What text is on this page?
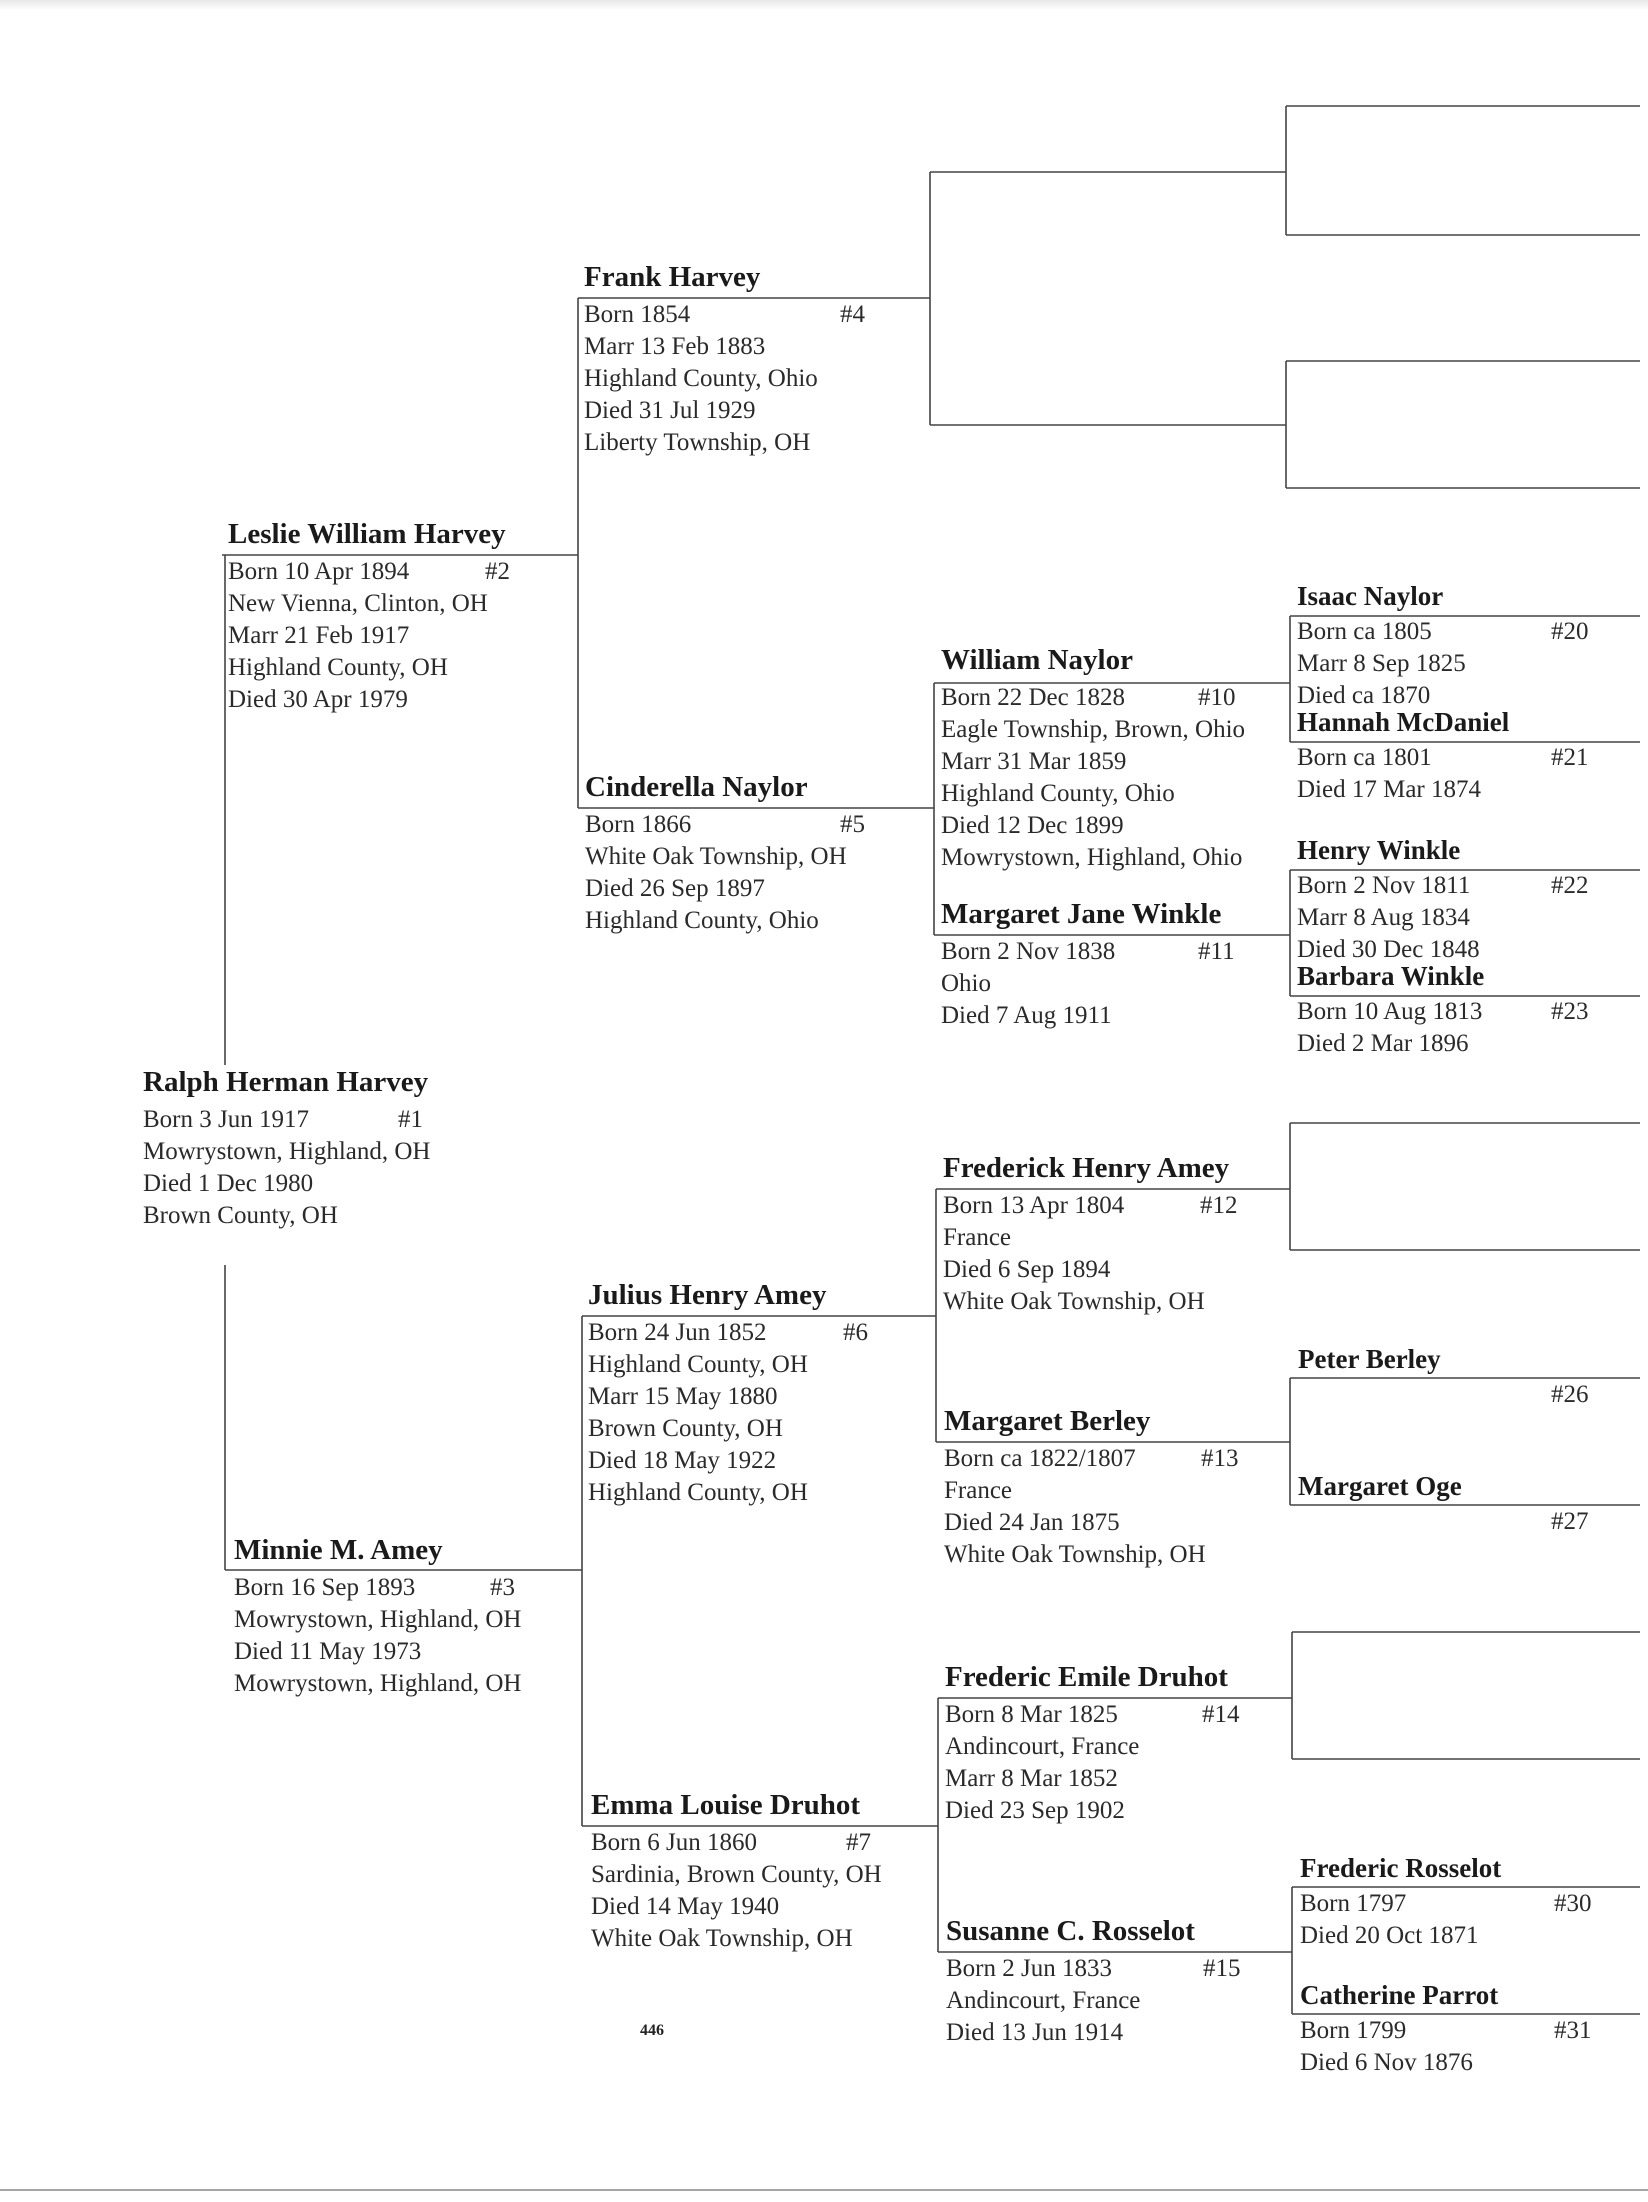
Ralph Herman Harvey
Born 3 Jun 1917	#1
Mowrystown, Highland, OH
Died 1 Dec 1980
Brown County, OH
Leslie William Harvey
Born 10 Apr 1894	#2
New Vienna, Clinton, OH
Marr 21 Feb 1917
Highland County, OH
Died 30 Apr 1979
Minnie M. Amey
Born 16 Sep 1893	#3
Mowrystown, Highland, OH
Died 11 May 1973
Mowrystown, Highland, OH
Frank Harvey
Born 1854	#4
Marr 13 Feb 1883
Highland County, Ohio
Died 31 Jul 1929
Liberty Township, OH
Cinderella Naylor
Born 1866	#5
White Oak Township, OH
Died 26 Sep 1897
Highland County, Ohio
Julius Henry Amey
Born 24 Jun 1852	#6
Highland County, OH
Marr 15 May 1880
Brown County, OH
Died 18 May 1922
Highland County, OH
Emma Louise Druhot
Born 6 Jun 1860	#7
Sardinia, Brown County, OH
Died 14 May 1940
White Oak Township, OH
William Naylor
Born 22 Dec 1828	#10
Eagle Township, Brown, Ohio
Marr 31 Mar 1859
Highland County, Ohio
Died 12 Dec 1899
Mowrystown, Highland, Ohio
Margaret Jane Winkle
Born 2 Nov 1838	#11
Ohio
Died 7 Aug 1911
Frederick Henry Amey
Born 13 Apr 1804	#12
France
Died 6 Sep 1894
White Oak Township, OH
Margaret Berley
Born ca 1822/1807	#13
France
Died 24 Jan 1875
White Oak Township, OH
Frederic Emile Druhot
Born 8 Mar 1825	#14
Andincourt, France
Marr 8 Mar 1852
Died 23 Sep 1902
Susanne C. Rosselot
Born 2 Jun 1833	#15
Andincourt, France
Died 13 Jun 1914
Isaac Naylor
Born ca 1805	#20
Marr 8 Sep 1825
Died ca 1870
Hannah McDaniel
Born ca 1801	#21
Died 17 Mar 1874
Henry Winkle
Born 2 Nov 1811	#22
Marr 8 Aug 1834
Died 30 Dec 1848
Barbara Winkle
Born 10 Aug 1813	#23
Died 2 Mar 1896
Peter Berley
#26
Margaret Oge
#27
Frederic Rosselot
Born 1797	#30
Died 20 Oct 1871
Catherine Parrot
Born 1799	#31
Died 6 Nov 1876
446
